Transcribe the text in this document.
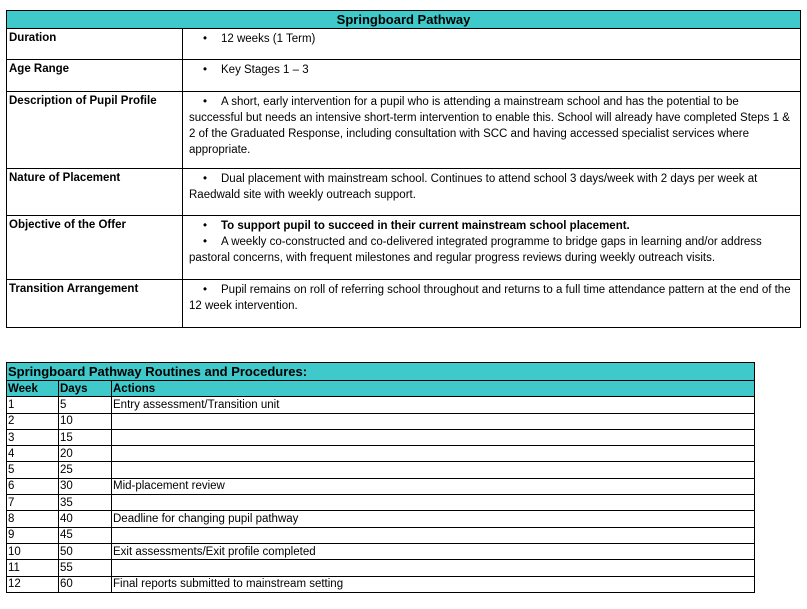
Springboard Pathway	
Duration	• 12 weeks (1 Term)

Age Range	• Key Stages 1 – 3

Description of Pupil Profile	• A short, early intervention for a pupil who is attending a mainstream school and has the potential to be successful but needs an intensive short-term intervention to enable this. School will already have completed Steps 1 & 2 of the Graduated Response, including consultation with SCC and having accessed specialist services where appropriate.

Nature of Placement	• Dual placement with mainstream school. Continues to attend school 3 days/week with 2 days per week at Raedwald site with weekly outreach support.

Objective of the Offer	• To support pupil to succeed in their current mainstream school placement.
• A weekly co-constructed and co-delivered integrated programme to bridge gaps in learning and/or address pastoral concerns, with frequent milestones and regular progress reviews during weekly outreach visits.

Transition Arrangement	• Pupil remains on roll of referring school throughout and returns to a full time attendance pattern at the end of the 12 week intervention.
Springboard Pathway Routines and Procedures:		
Week	Days	Actions
1	5	Entry assessment/Transition unit
2	10	
3	15	
4	20	
5	25	
6	30	Mid-placement review
7	35	
8	40	Deadline for changing pupil pathway
9	45	
10	50	Exit assessments/Exit profile completed
11	55	
12	60	Final reports submitted to mainstream setting
